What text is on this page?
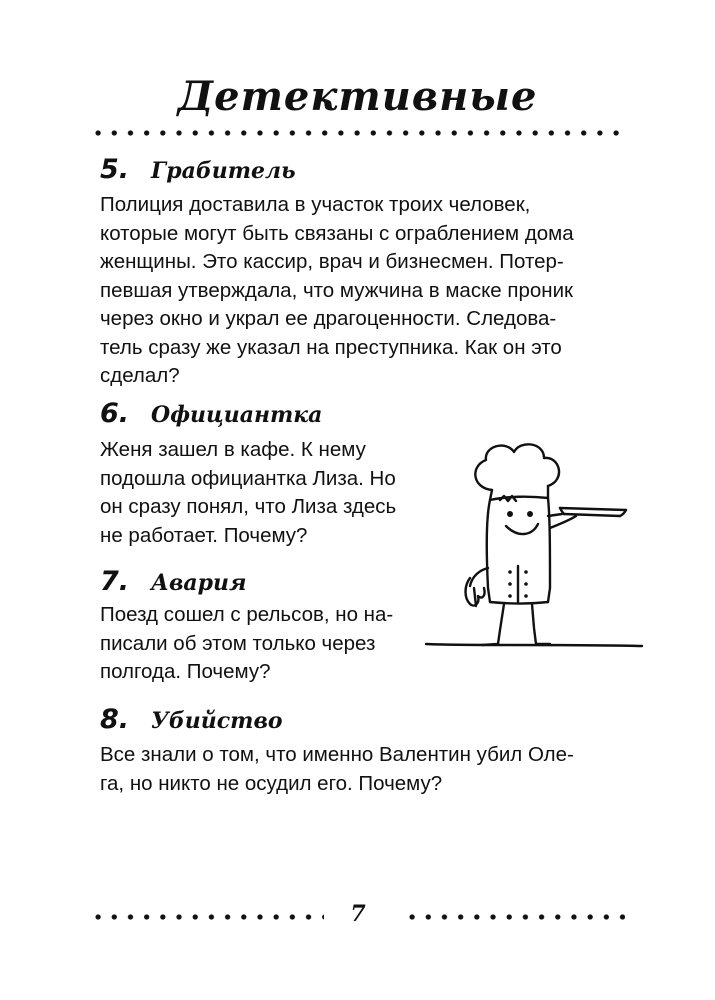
Детективные
5. Грабитель

Полиция доставила в участок троих человек,
которые могут быть связаны с ограблением дома
женщины. Это кассир, врач и бизнесмен. Потер-
певшая утверждала, что мужчина в маске проник
через окно и украл ее драгоценности. Следова-
тель сразу же указал на преступника. Как он это
сделал?

6. Официантка

Женя зашел в кафе. К нему
подошла официантка Лиза. Но
он сразу понял, что Лиза здесь
не работает. Почему?

7. Авария

Поезд сошел с рельсов, но на-
писали об этом только через
полгода. Почему?

8. Убийство

Все знали о том, что именно Валентин убил Оле-
га, но никто не осудил его. Почему?

7
